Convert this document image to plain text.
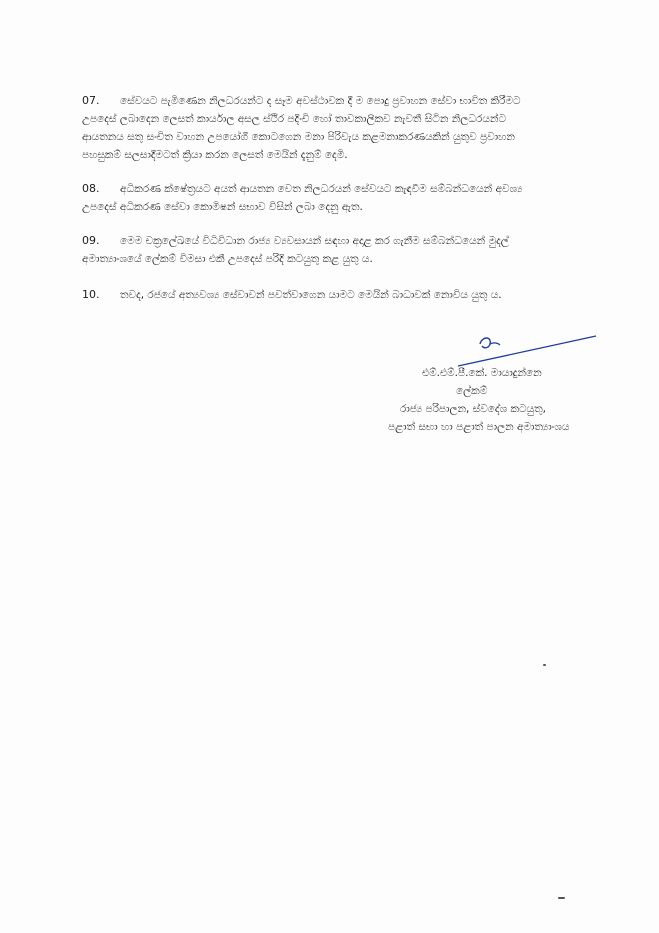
07. සේවයට පැමිණෙන නිලධරයන්ට ද සෑම අවස්ථාවක දී ම පොදු ප්‍රවාහන සේවා භාවිත කිරීමට
උපදෙස් ලබාදෙන ලෙසත් කාර්යාල අසල ස්ථිර පදිංචි හෝ තාවකාලිකව නැවතී සිටින නිලධරයන්ට
ආයතනය සතු සංචිත වාහන උපයෝගී කොටගෙන මනා පිරිවැය කළමනාකරණයකින් යුතුව ප්‍රවාහන
පහසුකම් සලසාදීමටත් ක්‍රියා කරන ලෙසත් මෙයින් දැනුම් දෙමි.
08. අධිකරණ ක්ෂේත්‍රයට අයත් ආයතන වෙත නිලධරයන් සේවයට කැඳවීම සම්බන්ධයෙන් අවශ්‍ය
උපදෙස් අධිකරණ සේවා කොමිෂන් සභාව විසින් ලබා දෙනු ඇත.
09. මෙම චක්‍රලේඛයේ විධිවිධාන රාජ්‍ය ව්‍යවසායන් සඳහා අදාළ කර ගැනීම සම්බන්ධයෙන් මුදල්
අමාත්‍යාංශයේ ලේකම් විමසා එකී උපදෙස් පරිදි කටයුතු කළ යුතු ය.
10. තවද, රජයේ අත්‍යවශ්‍ය සේවාවන් පවත්වාගෙන යාමට මෙයින් බාධාවක් නොවිය යුතු ය.
එම්.එම්.පී.කේ. මායාදුන්නෙ
ලේකම්
රාජ්‍ය පරිපාලන, ස්වදේශ කටයුතු,
පළාත් සභා හා පළාත් පාලන අමාත්‍යාංශය
